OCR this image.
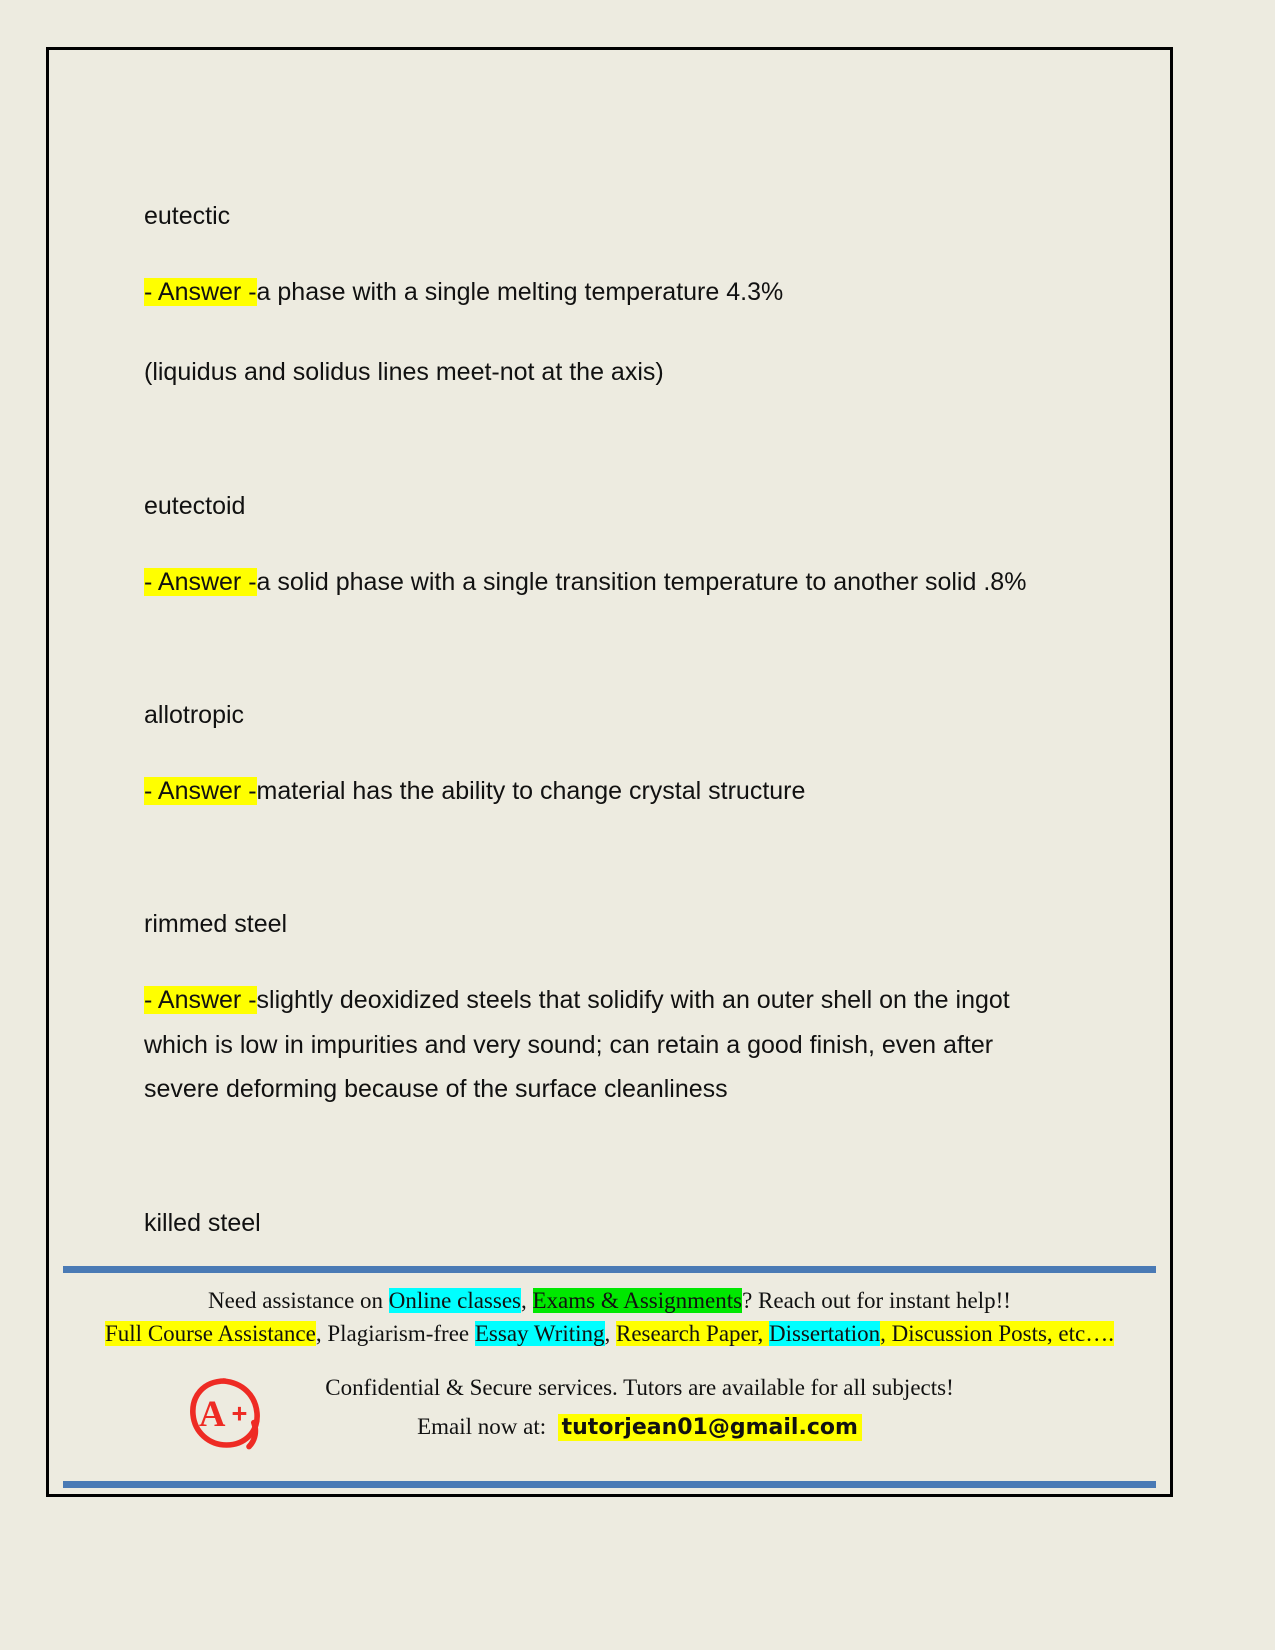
eutectic

- Answer -a phase with a single melting temperature 4.3%

(liquidus and solidus lines meet-not at the axis)

eutectoid

- Answer -a solid phase with a single transition temperature to another solid .8%

allotropic

- Answer -material has the ability to change crystal structure

rimmed steel

- Answer -slightly deoxidized steels that solidify with an outer shell on the ingot which is low in impurities and very sound; can retain a good finish, even after severe deforming because of the surface cleanliness

killed steel

Need assistance on Online classes, Exams & Assignments? Reach out for instant help!!
Full Course Assistance, Plagiarism-free Essay Writing, Research Paper, Dissertation, Discussion Posts, etc….
A +
Confidential & Secure services. Tutors are available for all subjects!
Email now at: tutorjean01@gmail.com
